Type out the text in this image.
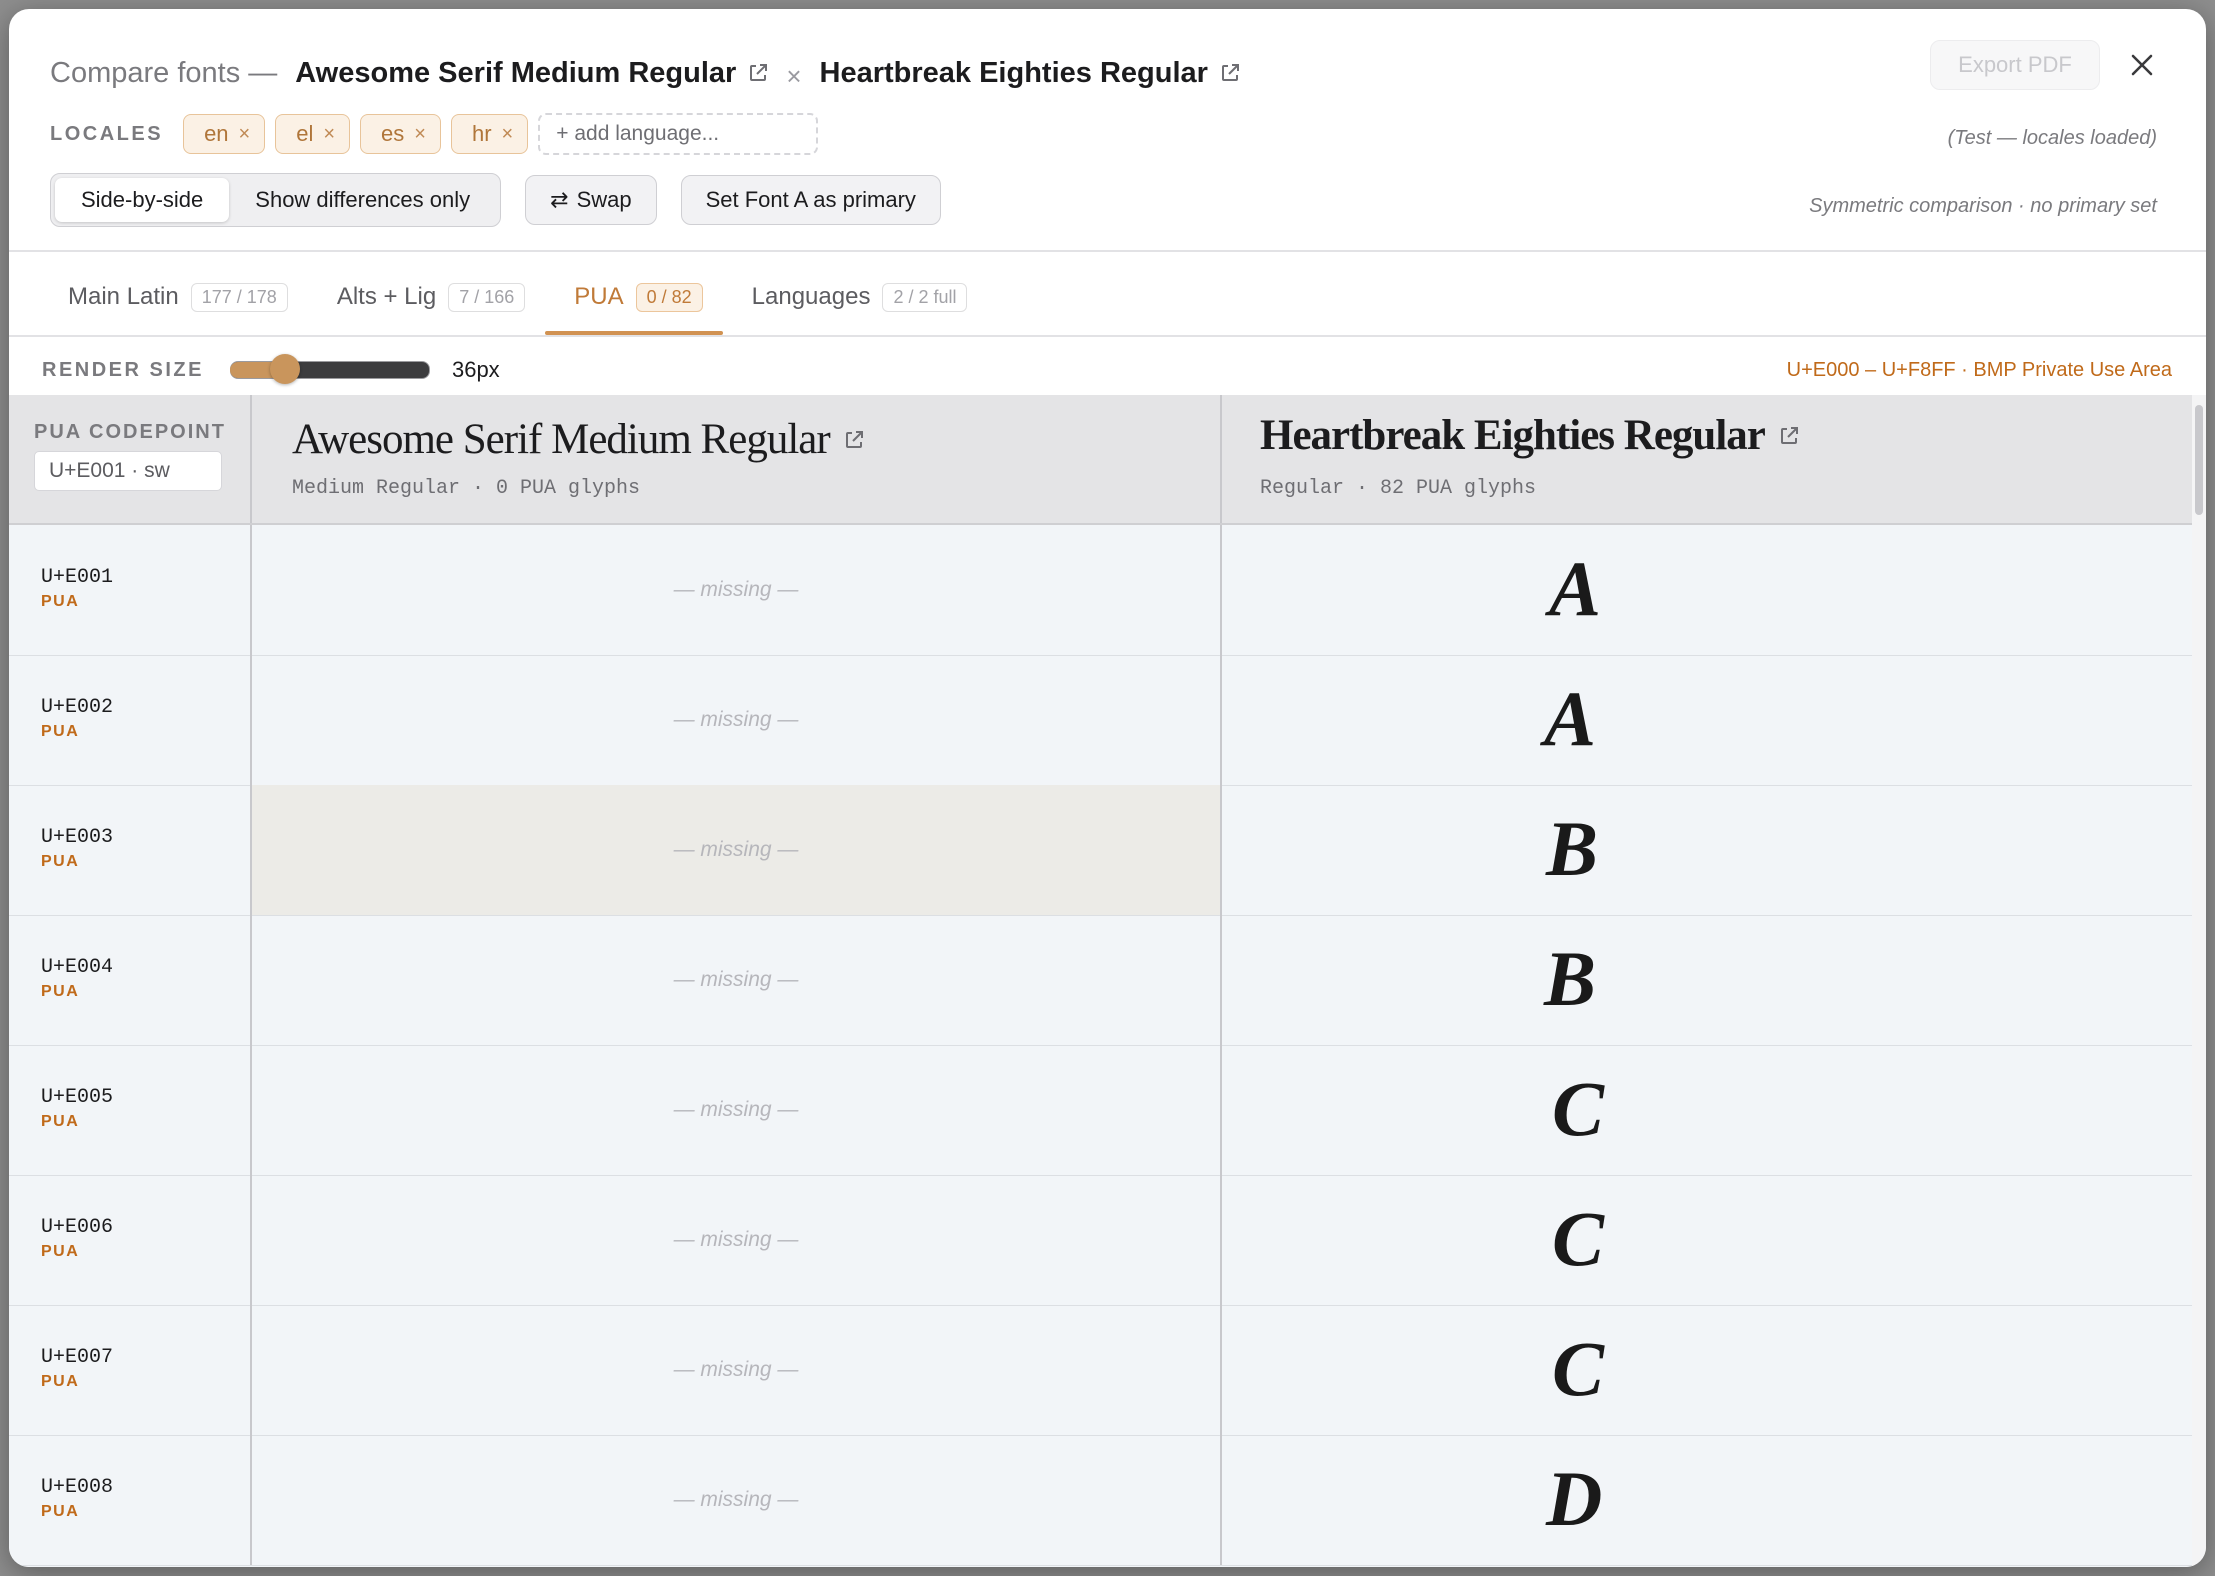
Compare fonts — Awesome Serif Medium Regular × Heartbreak Eighties Regular	Export PDF
LOCALES en × el × es × hr ×	+ add language...	(Test — locales loaded)
Side-by-side	Show differences only	⇄ Swap	Set Font A as primary	Symmetric comparison · no primary set
Main Latin	177 / 178	Alts + Lig	7 / 166	PUA	0 / 82	Languages	2 / 2 full
RENDER SIZE	36px	U+E000 – U+F8FF · BMP Private Use Area
PUA CODEPOINT
U+E001 · sw Awesome Serif Medium Regular
Medium Regular · 0 PUA glyphs
Heartbreak Eighties Regular
Regular · 82 PUA glyphs
U+E001
PUA
— missing —	A
U+E002
PUA
— missing —	A
U+E003
PUA
— missing —	B
U+E004
PUA
— missing —	B
U+E005
PUA
— missing —	C
U+E006
PUA
— missing —	C
U+E007
PUA
— missing —	C
U+E008
PUA
— missing —	D
